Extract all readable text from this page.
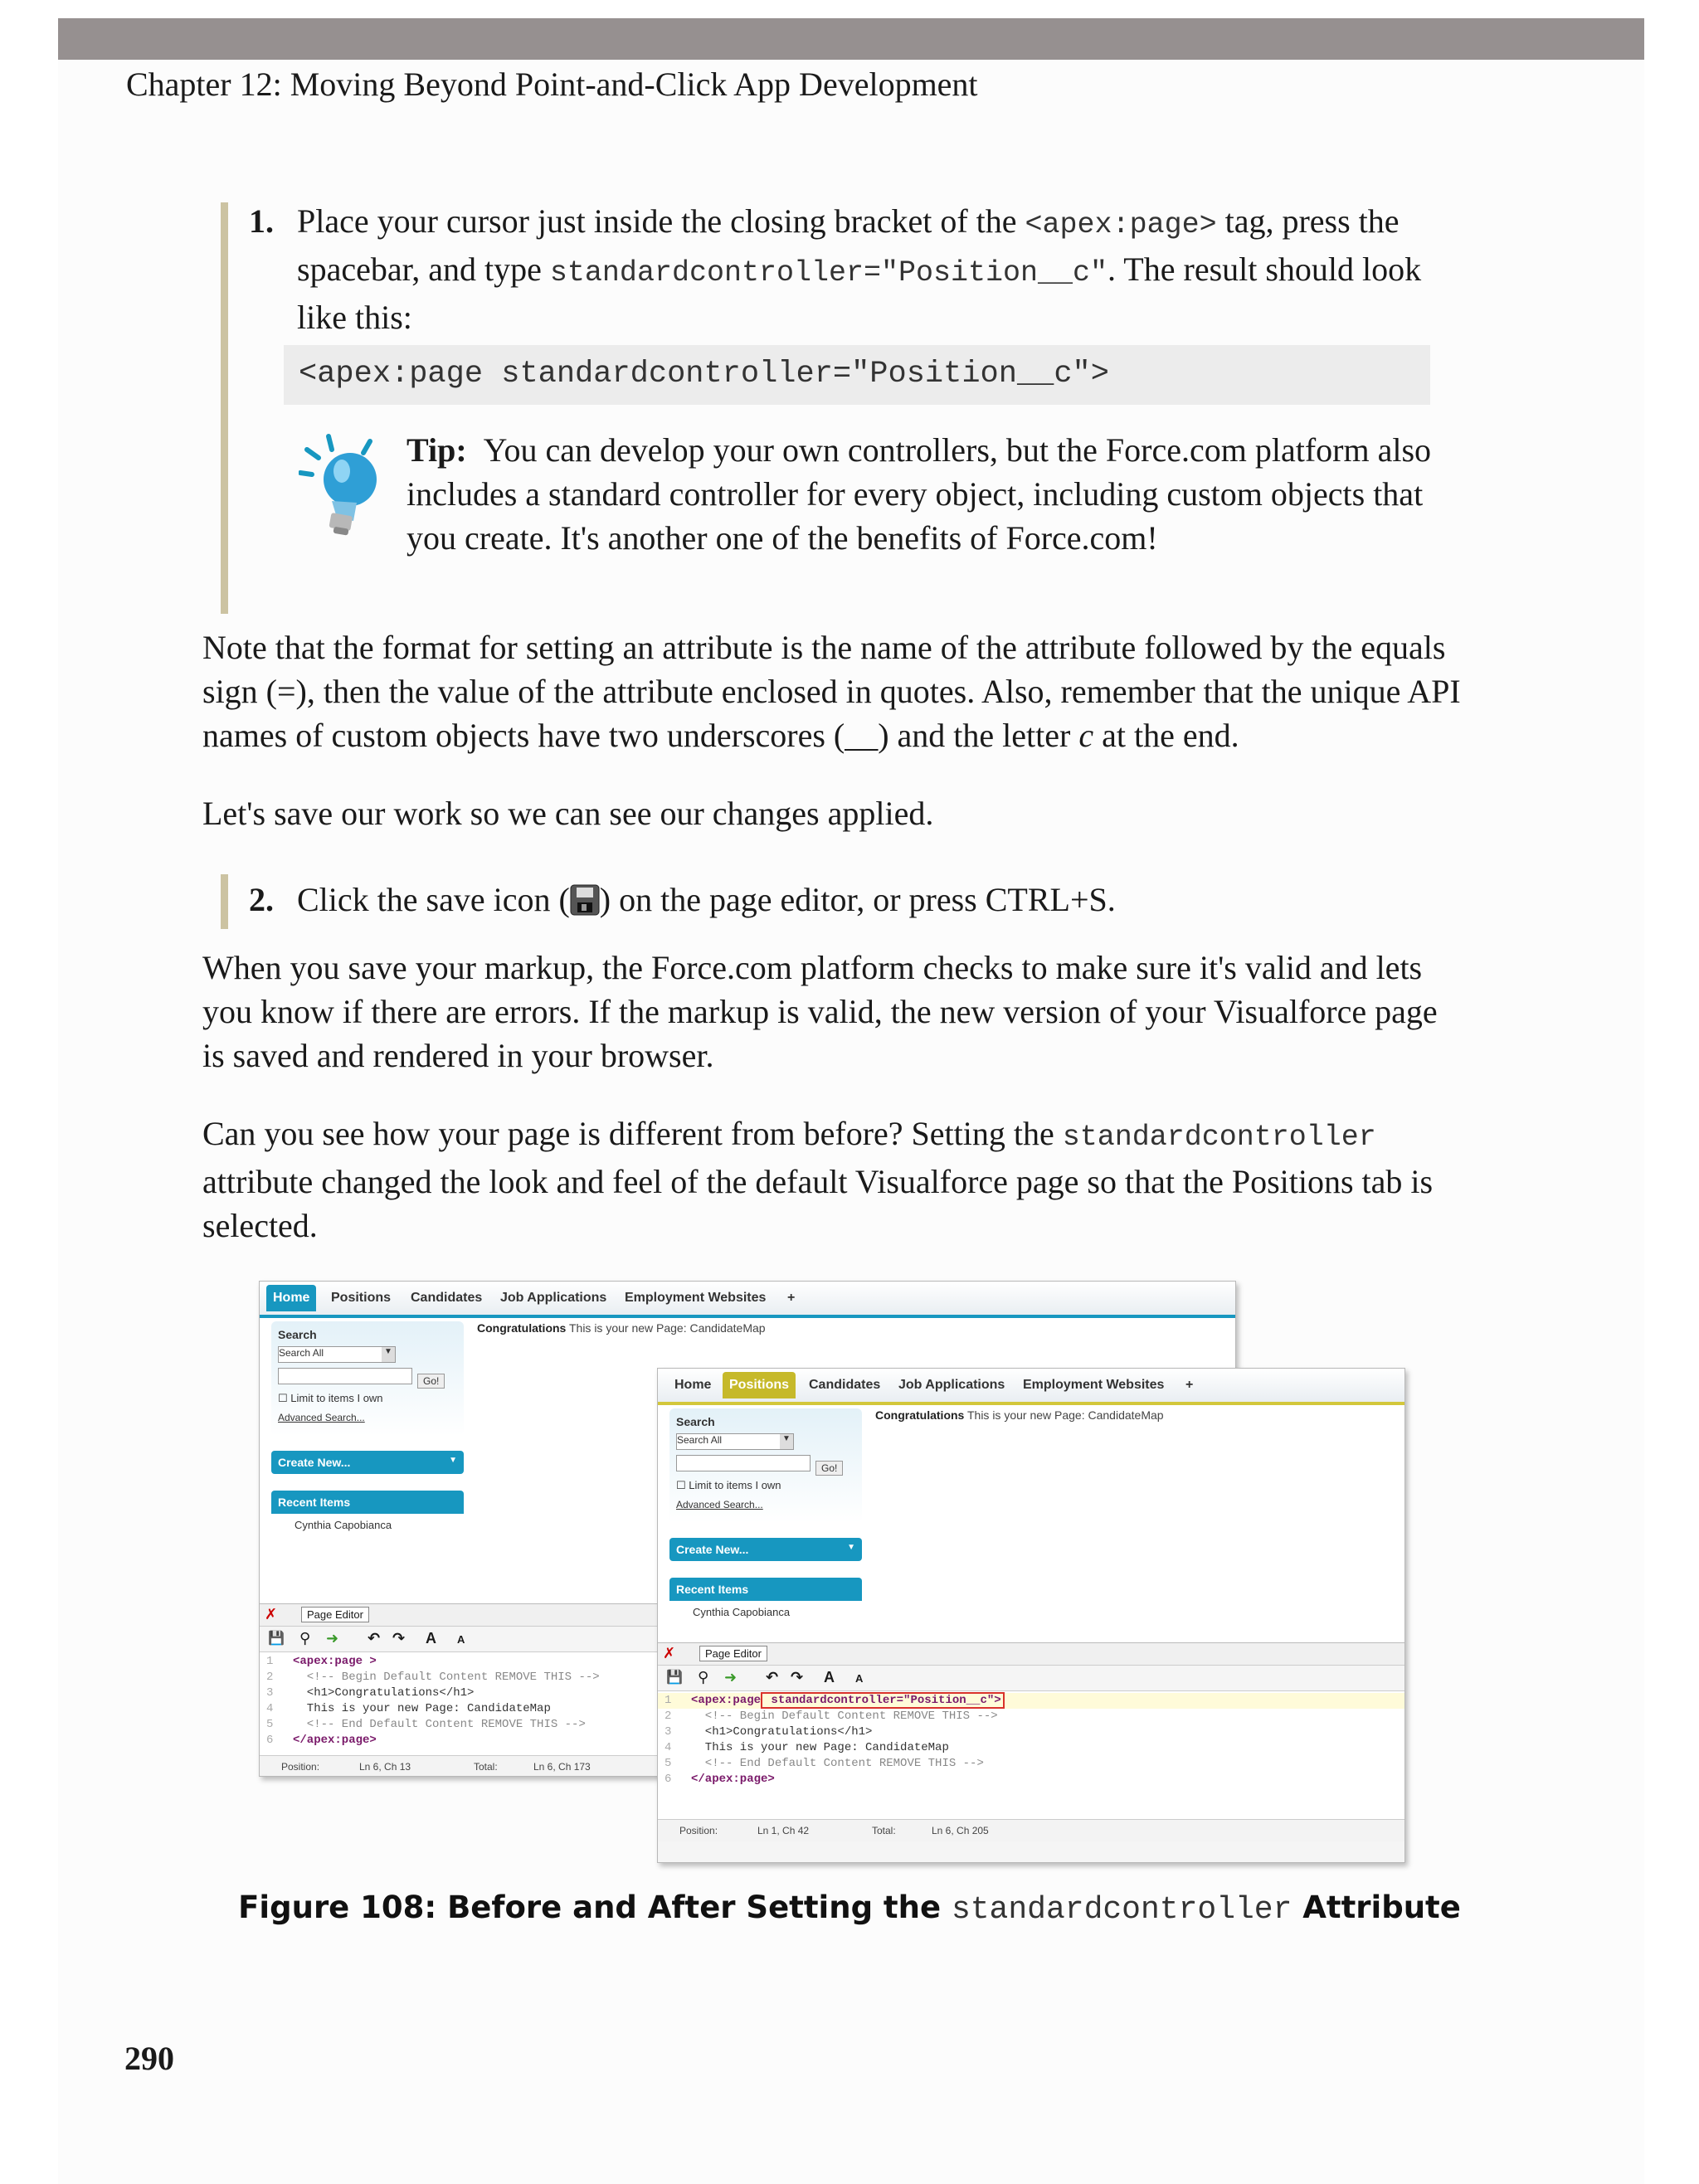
Chapter 12: Moving Beyond Point-and-Click App Development
1. Place your cursor just inside the closing bracket of the <apex:page> tag, press the spacebar, and type standardcontroller="Position__c". The result should look like this:
<apex:page standardcontroller="Position__c">
Tip: You can develop your own controllers, but the Force.com platform also includes a standard controller for every object, including custom objects that you create. It's another one of the benefits of Force.com!
Note that the format for setting an attribute is the name of the attribute followed by the equals sign (=), then the value of the attribute enclosed in quotes. Also, remember that the unique API names of custom objects have two underscores (__) and the letter c at the end.
Let's save our work so we can see our changes applied.
2. Click the save icon ( ) on the page editor, or press CTRL+S.
When you save your markup, the Force.com platform checks to make sure it's valid and lets you know if there are errors. If the markup is valid, the new version of your Visualforce page is saved and rendered in your browser.
Can you see how your page is different from before? Setting the standardcontroller attribute changed the look and feel of the default Visualforce page so that the Positions tab is selected.
Home	Positions	Candidates	Job Applications	Employment Websites	+
Search
Search All	▼
Go!
☐ Limit to items I own
Advanced Search...
Create New...	▼
Recent Items
Cynthia Capobianca
Congratulations This is your new Page: CandidateMap
✗	Page Editor
💾 ⚲ ➜ ↶ ↷ A A
1 <apex:page >
2 <!-- Begin Default Content REMOVE THIS -->
3 <h1>Congratulations</h1>
4 This is your new Page: CandidateMap
5 <!-- End Default Content REMOVE THIS -->
6 </apex:page>
Position:	Ln 6, Ch 13	Total:	Ln 6, Ch 173
Home	Positions	Candidates	Job Applications	Employment Websites	+
Search
Search All	▼
Go!
☐ Limit to items I own
Advanced Search...
Create New...	▼
Recent Items
Cynthia Capobianca
Congratulations This is your new Page: CandidateMap
✗	Page Editor
💾 ⚲ ➜ ↶ ↷ A A
1 <apex:page standardcontroller="Position__c">
2 <!-- Begin Default Content REMOVE THIS -->
3 <h1>Congratulations</h1>
4 This is your new Page: CandidateMap
5 <!-- End Default Content REMOVE THIS -->
6 </apex:page>
Position:	Ln 1, Ch 42	Total:	Ln 6, Ch 205
Figure 108: Before and After Setting the standardcontroller Attribute
290
